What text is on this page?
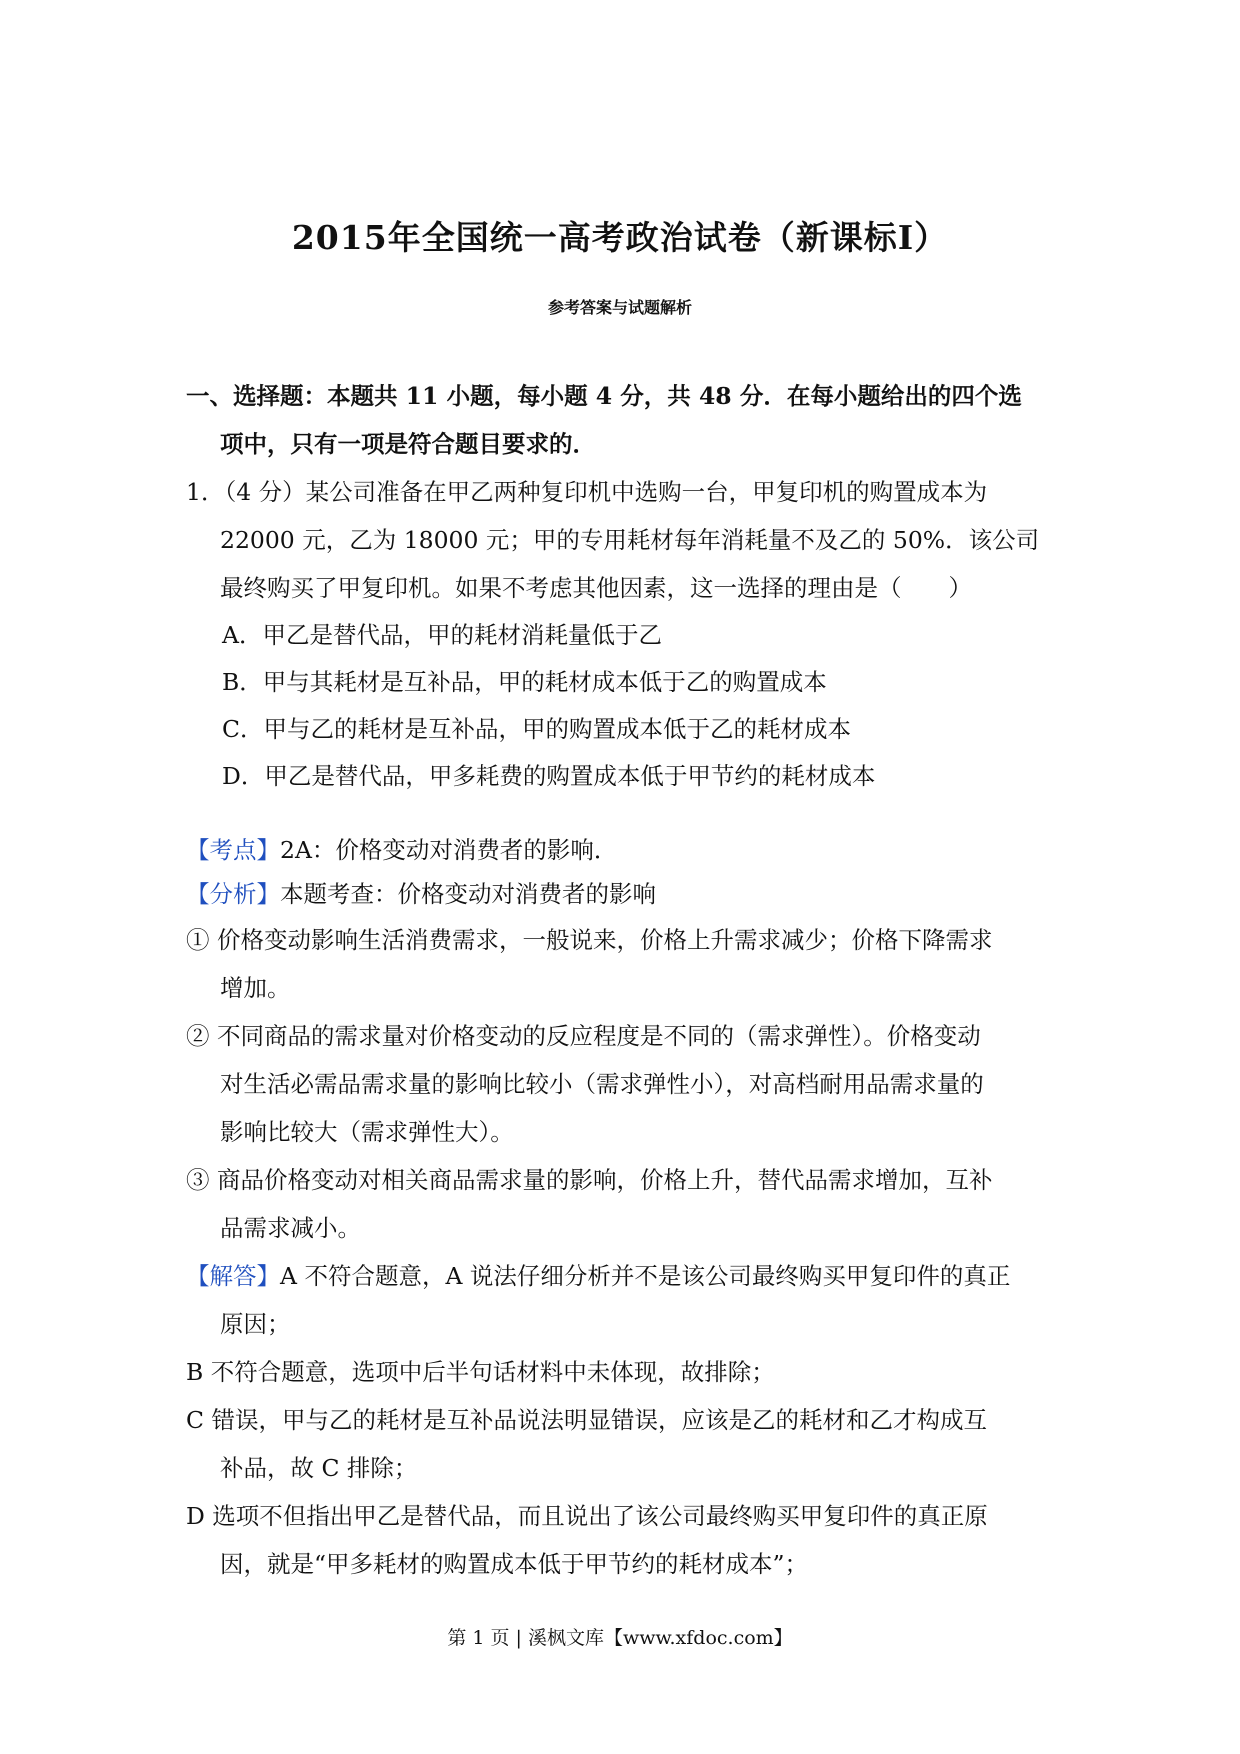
2015年全国统一高考政治试卷（新课标Ⅰ）
参考答案与试题解析
一、选择题：本题共 11 小题，每小题 4 分，共 48 分．在每小题给出的四个选
项中，只有一项是符合题目要求的．
1．（4 分）某公司准备在甲乙两种复印机中选购一台，甲复印机的购置成本为
22000 元，乙为 18000 元；甲的专用耗材每年消耗量不及乙的 50%．该公司
最终购买了甲复印机。如果不考虑其他因素，这一选择的理由是（　　）
A．甲乙是替代品，甲的耗材消耗量低于乙
B．甲与其耗材是互补品，甲的耗材成本低于乙的购置成本
C．甲与乙的耗材是互补品，甲的购置成本低于乙的耗材成本
D．甲乙是替代品，甲多耗费的购置成本低于甲节约的耗材成本
【考点】2A：价格变动对消费者的影响．
【分析】本题考查：价格变动对消费者的影响
① 价格变动影响生活消费需求，一般说来，价格上升需求减少；价格下降需求
增加。
② 不同商品的需求量对价格变动的反应程度是不同的（需求弹性）。价格变动
对生活必需品需求量的影响比较小（需求弹性小），对高档耐用品需求量的
影响比较大（需求弹性大）。
③ 商品价格变动对相关商品需求量的影响，价格上升，替代品需求增加，互补
品需求减小。
【解答】A 不符合题意，A 说法仔细分析并不是该公司最终购买甲复印件的真正
原因；
B 不符合题意，选项中后半句话材料中未体现，故排除；
C 错误，甲与乙的耗材是互补品说法明显错误，应该是乙的耗材和乙才构成互
补品，故 C 排除；
D 选项不但指出甲乙是替代品，而且说出了该公司最终购买甲复印件的真正原
因，就是“甲多耗材的购置成本低于甲节约的耗材成本”；
第 1 页 | 溪枫文库【www.xfdoc.com】
